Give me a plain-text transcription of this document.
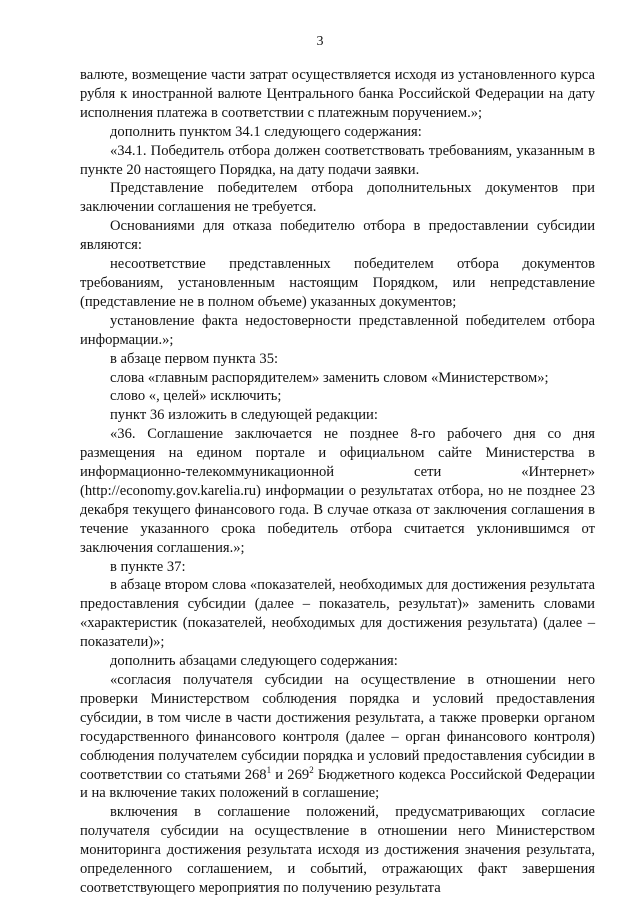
3

валюте, возмещение части затрат осуществляется исходя из установленного курса рубля к иностранной валюте Центрального банка Российской Федерации на дату исполнения платежа в соответствии с платежным поручением.»;

дополнить пунктом 34.1 следующего содержания:

«34.1. Победитель отбора должен соответствовать требованиям, указанным в пункте 20 настоящего Порядка, на дату подачи заявки.

Представление победителем отбора дополнительных документов при заключении соглашения не требуется.

Основаниями для отказа победителю отбора в предоставлении субсидии являются:

несоответствие представленных победителем отбора документов требованиям, установленным настоящим Порядком, или непредставление (представление не в полном объеме) указанных документов;

установление факта недостоверности представленной победителем отбора информации.»;

в абзаце первом пункта 35:

слова «главным распорядителем» заменить словом «Министерством»;

слово «, целей» исключить;

пункт 36 изложить в следующей редакции:

«36. Соглашение заключается не позднее 8-го рабочего дня со дня размещения на едином портале и официальном сайте Министерства в информационно-телекоммуникационной сети «Интернет» (http://economy.gov.karelia.ru) информации о результатах отбора, но не позднее 23 декабря текущего финансового года. В случае отказа от заключения соглашения в течение указанного срока победитель отбора считается уклонившимся от заключения соглашения.»;

в пункте 37:

в абзаце втором слова «показателей, необходимых для достижения результата предоставления субсидии (далее – показатель, результат)» заменить словами «характеристик (показателей, необходимых для достижения результата) (далее – показатели)»;

дополнить абзацами следующего содержания:

«согласия получателя субсидии на осуществление в отношении него проверки Министерством соблюдения порядка и условий предоставления субсидии, в том числе в части достижения результата, а также проверки органом государственного финансового контроля (далее – орган финансового контроля) соблюдения получателем субсидии порядка и условий предоставления субсидии в соответствии со статьями $268^1$ и $269^2$ Бюджетного кодекса Российской Федерации и на включение таких положений в соглашение;

включения в соглашение положений, предусматривающих согласие получателя субсидии на осуществление в отношении него Министерством мониторинга достижения результата исходя из достижения значения результата, определенного соглашением, и событий, отражающих факт завершения соответствующего мероприятия по получению результата
